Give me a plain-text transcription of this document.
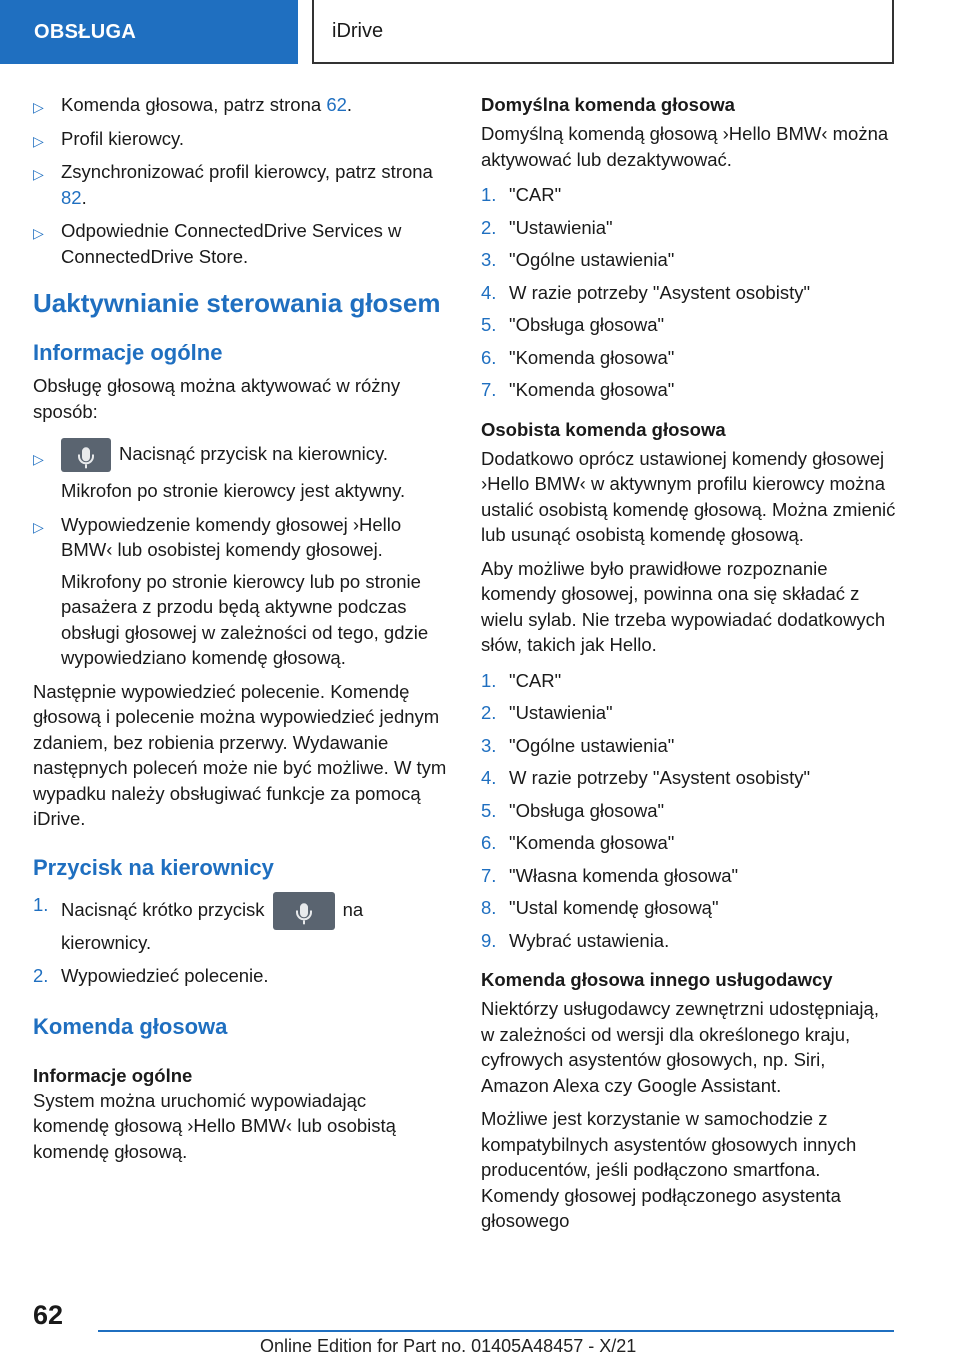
OBSŁUGA	iDrive
▷ Komenda głosowa, patrz strona 62.
▷ Profil kierowcy.
▷ Zsynchronizować profil kierowcy, patrz strona 82.
▷ Odpowiednie ConnectedDrive Services w ConnectedDrive Store.
Uaktywnianie sterowania głosem
Informacje ogólne

Obsługę głosową można aktywować w różny sposób:

▷	Nacisnąć przycisk na kierownicy.

Mikrofon po stronie kierowcy jest aktywny.

▷ Wypowiedzenie komendy głosowej ›Hello BMW‹ lub osobistej komendy głosowej.

Mikrofony po stronie kierowcy lub po stronie pasażera z przodu będą aktywne podczas obsługi głosowej w zależności od tego, gdzie wypowiedziano komendę głosową.

Następnie wypowiedzieć polecenie. Komendę głosową i polecenie można wypowiedzieć jednym zdaniem, bez robienia przerwy. Wydawanie następnych poleceń może nie być możliwe. W tym wypadku należy obsługiwać funkcje za pomocą iDrive.

Przycisk na kierownicy
1. Nacisnąć krótko przycisk	na kierownicy.
2. Wypowiedzieć polecenie.
Komenda głosowa
Informacje ogólne

System można uruchomić wypowiadając komendę głosową ›Hello BMW‹ lub osobistą komendę głosową.

Domyślna komenda głosowa

Domyślną komendą głosową ›Hello BMW‹ można aktywować lub dezaktywować.

1. "CAR"
2. "Ustawienia"
3. "Ogólne ustawienia"
4. W razie potrzeby "Asystent osobisty"
5. "Obsługa głosowa"
6. "Komenda głosowa"
7. "Komenda głosowa"
Osobista komenda głosowa

Dodatkowo oprócz ustawionej komendy głosowej ›Hello BMW‹ w aktywnym profilu kierowcy można ustalić osobistą komendę głosową. Można zmienić lub usunąć osobistą komendę głosową.

Aby możliwe było prawidłowe rozpoznanie komendy głosowej, powinna ona się składać z wielu sylab. Nie trzeba wypowiadać dodatkowych słów, takich jak Hello.

1. "CAR"
2. "Ustawienia"
3. "Ogólne ustawienia"
4. W razie potrzeby "Asystent osobisty"
5. "Obsługa głosowa"
6. "Komenda głosowa"
7. "Własna komenda głosowa"
8. "Ustal komendę głosową"
9. Wybrać ustawienia.
Komenda głosowa innego usługodawcy

Niektórzy usługodawcy zewnętrzni udostępniają, w zależności od wersji dla określonego kraju, cyfrowych asystentów głosowych, np. Siri, Amazon Alexa czy Google Assistant.

Możliwe jest korzystanie w samochodzie z kompatybilnych asystentów głosowych innych producentów, jeśli podłączono smartfona. Komendy głosowej podłączonego asystenta głosowego

62
Online Edition for Part no. 01405A48457 - X/21
